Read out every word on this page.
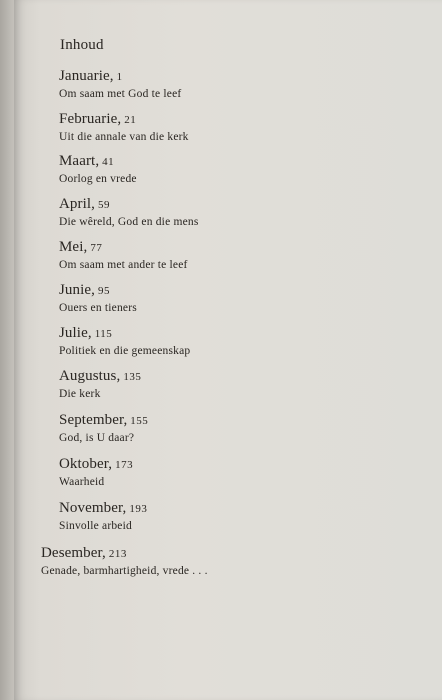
Inhoud
Januarie, 1
Om saam met God te leef
Februarie, 21
Uit die annale van die kerk
Maart, 41
Oorlog en vrede
April, 59
Die wêreld, God en die mens
Mei, 77
Om saam met ander te leef
Junie, 95
Ouers en tieners
Julie, 115
Politiek en die gemeenskap
Augustus, 135
Die kerk
September, 155
God, is U daar?
Oktober, 173
Waarheid
November, 193
Sinvolle arbeid
Desember, 213
Genade, barmhartigheid, vrede . . .
